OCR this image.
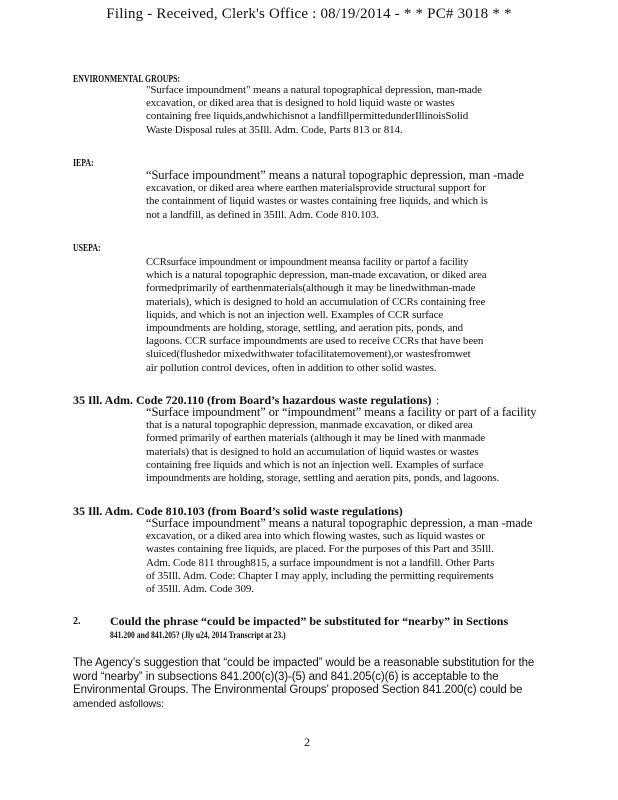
Filing - Received, Clerk's Office : 08/19/2014 - * * PC# 3018 * *
ENVIRONMENTAL GROUPS:
"Surface impoundment" means a natural topographical depression, man-made
excavation, or diked area that is designed to hold liquid waste or wastes
containing free liquids,andwhichisnot a landfillpermittedunderIllinoisSolid
Waste Disposal rules at 35Ill. Adm. Code, Parts 813 or 814.
IEPA:
“Surface impoundment” means a natural topographic depression, man -made
excavation, or diked area where earthen materialsprovide structural support for
the containment of liquid wastes or wastes containing free liquids, and which is
not a landfill, as defined in 35Ill. Adm. Code 810.103.
USEPA:
CCRsurface impoundment or impoundment meansa facility or partof a facility
which is a natural topographic depression, man-made excavation, or diked area
formedprimarily of earthenmaterials(although it may be linedwithman-made
materials), which is designed to hold an accumulation of CCRs containing free
liquids, and which is not an injection well. Examples of CCR surface
impoundments are holding, storage, settling, and aeration pits, ponds, and
lagoons. CCR surface impoundments are used to receive CCRs that have been
sluiced(flushedor mixedwithwater tofacilitatemovement),or wastesfromwet
air pollution control devices, often in addition to other solid wastes.
35 Ill. Adm. Code 720.110 (from Board’s hazardous waste regulations) :
“Surface impoundment” or “impoundment” means a facility or part of a facility
that is a natural topographic depression, manmade excavation, or diked area
formed primarily of earthen materials (although it may be lined with manmade
materials) that is designed to hold an accumulation of liquid wastes or wastes
containing free liquids and which is not an injection well. Examples of surface
impoundments are holding, storage, settling and aeration pits, ponds, and lagoons.
35 Ill. Adm. Code 810.103 (from Board’s solid waste regulations)
“Surface impoundment” means a natural topographic depression, a man -made
excavation, or a diked area into which flowing wastes, such as liquid wastes or
wastes containing free liquids, are placed. For the purposes of this Part and 35Ill.
Adm. Code 811 through815, a surface impoundment is not a landfill. Other Parts
of 35Ill. Adm. Code: Chapter I may apply, including the permitting requirements
of 35Ill. Adm. Code 309.
2. Could the phrase “could be impacted” be substituted for “nearby” in Sections
841.200 and 841.205? (Jly u24, 2014 Transcript at 23.)
The Agency’s suggestion that “could be impacted” would be a reasonable substitution for the
word “nearby” in subsections 841.200(c)(3)-(5) and 841.205(c)(6) is acceptable to the
Environmental Groups. The Environmental Groups’ proposed Section 841.200(c) could be
amended asfollows:
2
